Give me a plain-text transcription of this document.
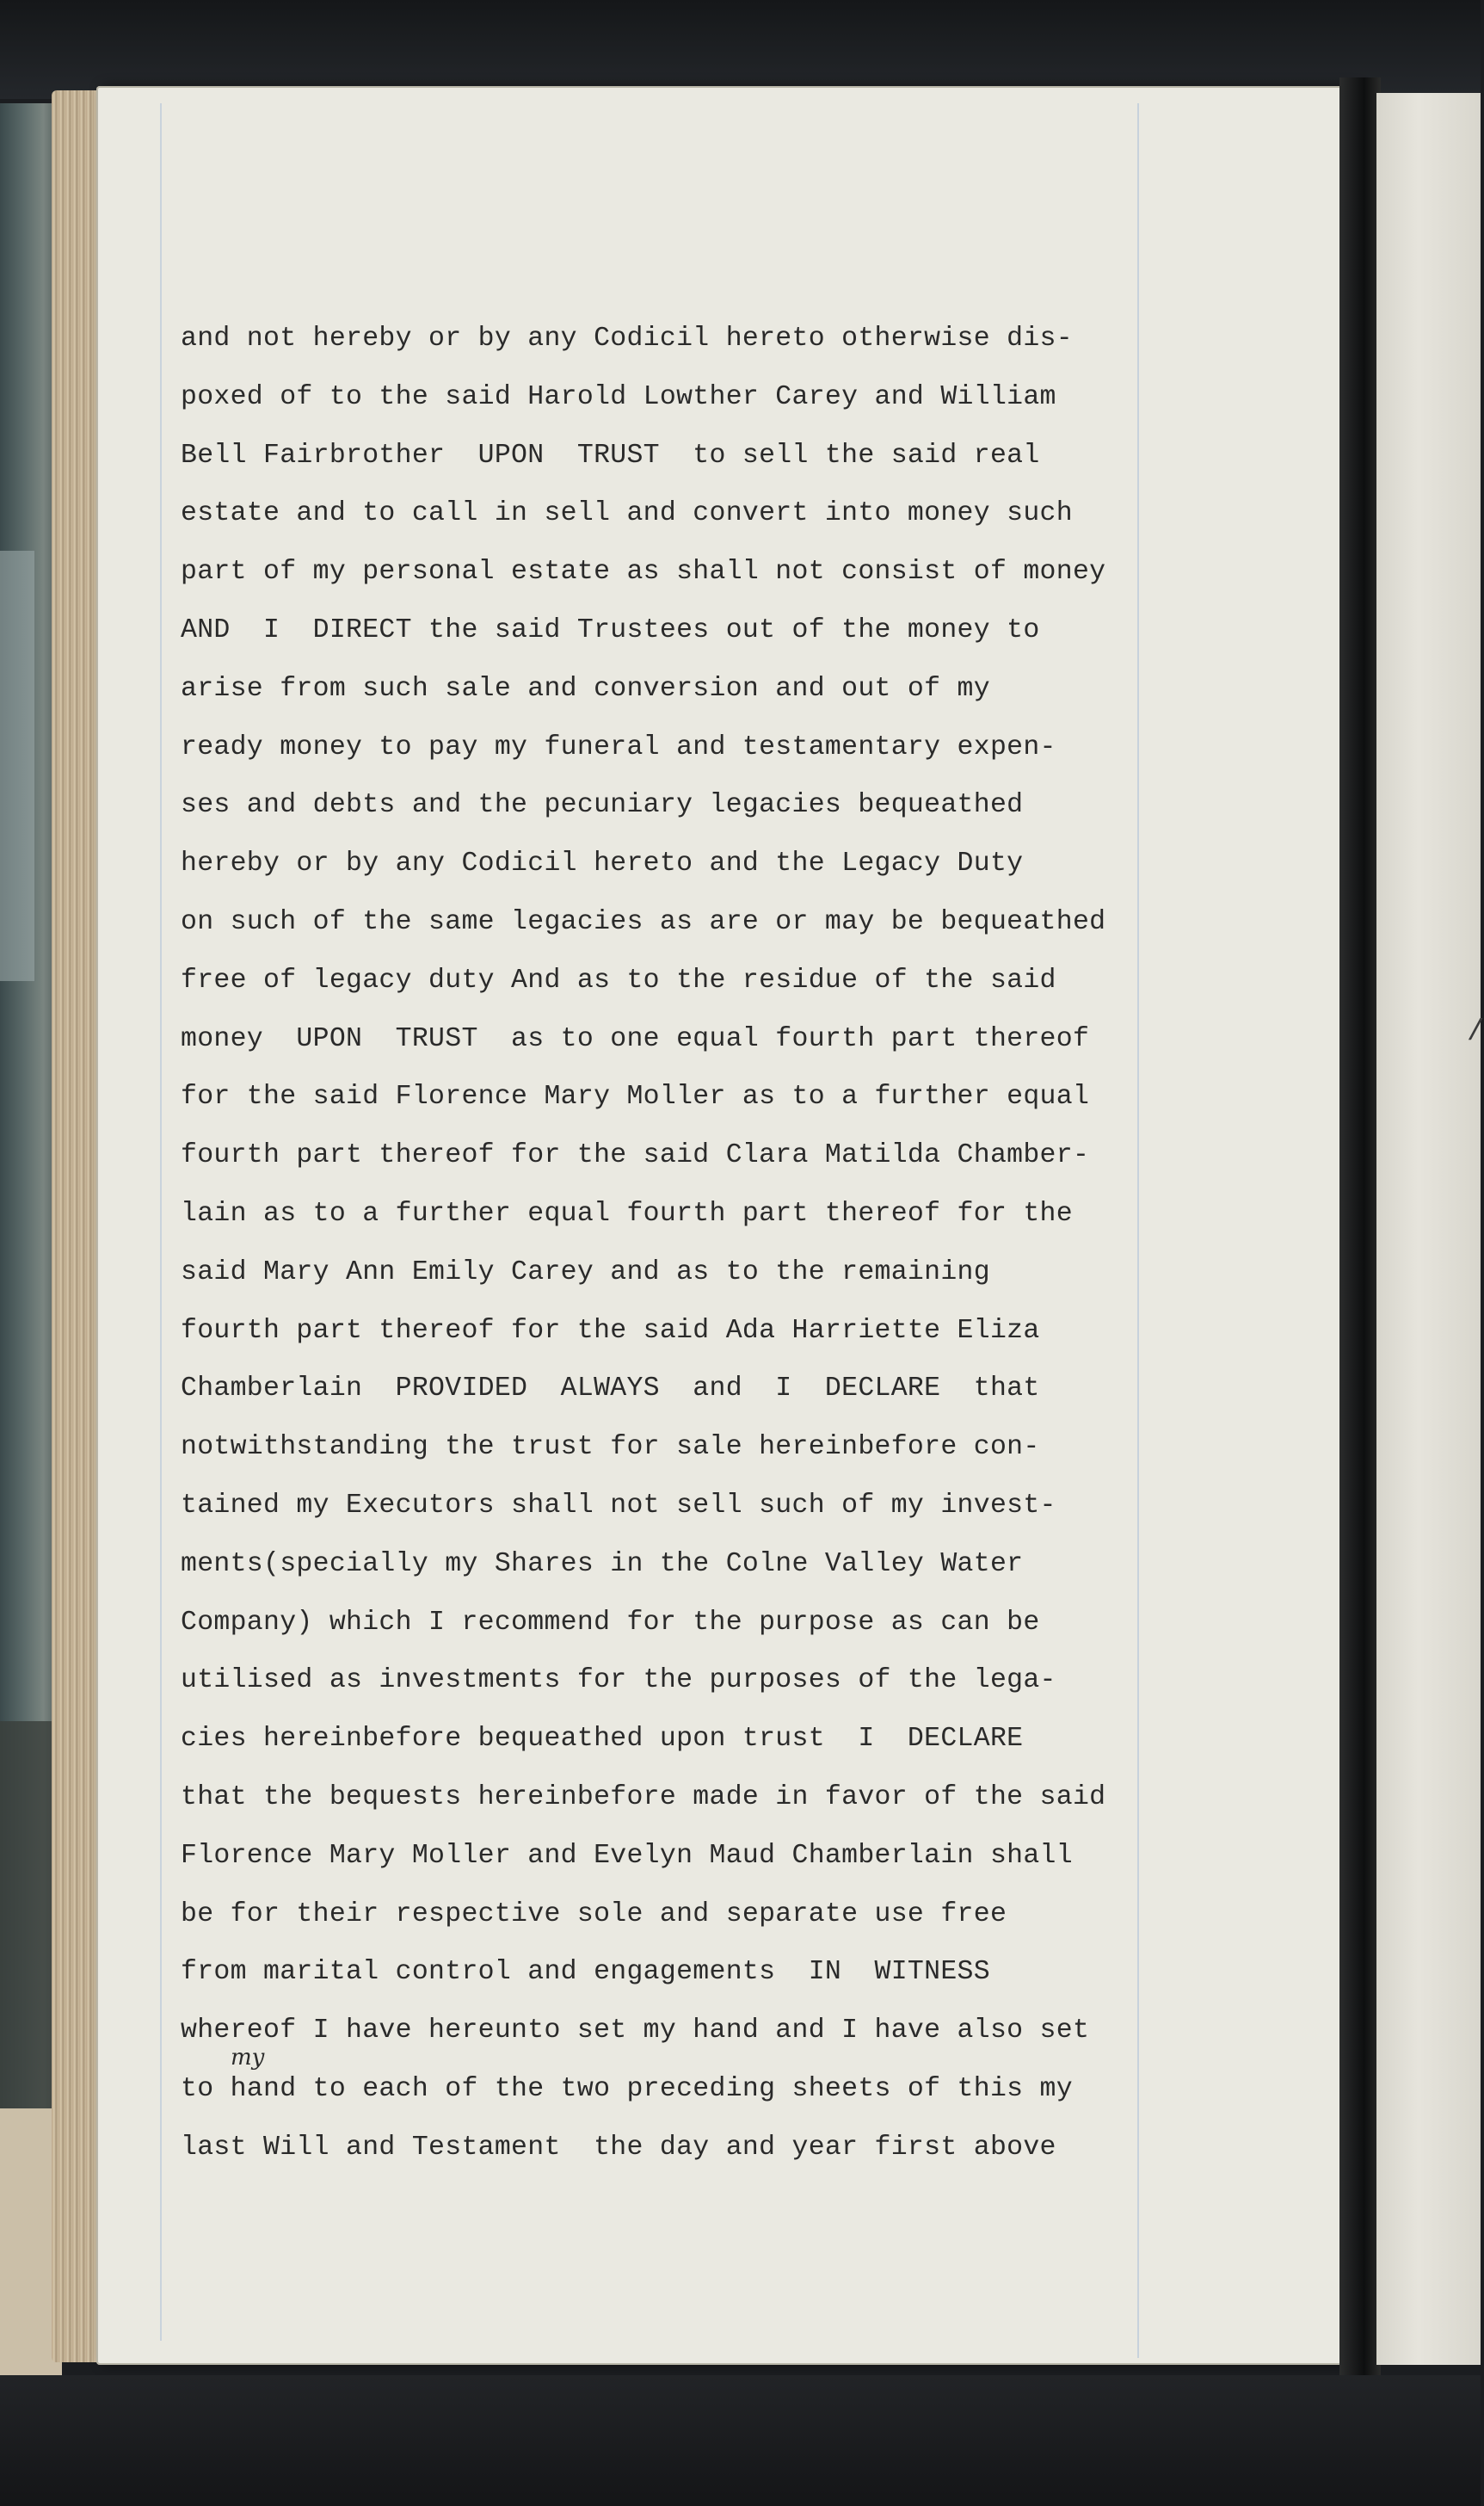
/
and not hereby or by any Codicil hereto otherwise dis-
poxed of to the said Harold Lowther Carey and William
Bell Fairbrother  UPON  TRUST  to sell the said real
estate and to call in sell and convert into money such
part of my personal estate as shall not consist of money
AND  I  DIRECT the said Trustees out of the money to
arise from such sale and conversion and out of my
ready money to pay my funeral and testamentary expen-
ses and debts and the pecuniary legacies bequeathed
hereby or by any Codicil hereto and the Legacy Duty
on such of the same legacies as are or may be bequeathed
free of legacy duty And as to the residue of the said
money  UPON  TRUST  as to one equal fourth part thereof
for the said Florence Mary Moller as to a further equal
fourth part thereof for the said Clara Matilda Chamber-
lain as to a further equal fourth part thereof for the
said Mary Ann Emily Carey and as to the remaining
fourth part thereof for the said Ada Harriette Eliza
Chamberlain  PROVIDED  ALWAYS  and  I  DECLARE  that
notwithstanding the trust for sale hereinbefore con-
tained my Executors shall not sell such of my invest-
ments(specially my Shares in the Colne Valley Water
Company) which I recommend for the purpose as can be
utilised as investments for the purposes of the lega-
cies hereinbefore bequeathed upon trust  I  DECLARE
that the bequests hereinbefore made in favor of the said
Florence Mary Moller and Evelyn Maud Chamberlain shall
be for their respective sole and separate use free
from marital control and engagements  IN  WITNESS
whereof I have hereunto set my hand and I have also set
to hand to each of the two preceding sheets of this my
last Will and Testament  the day and year first above
my
